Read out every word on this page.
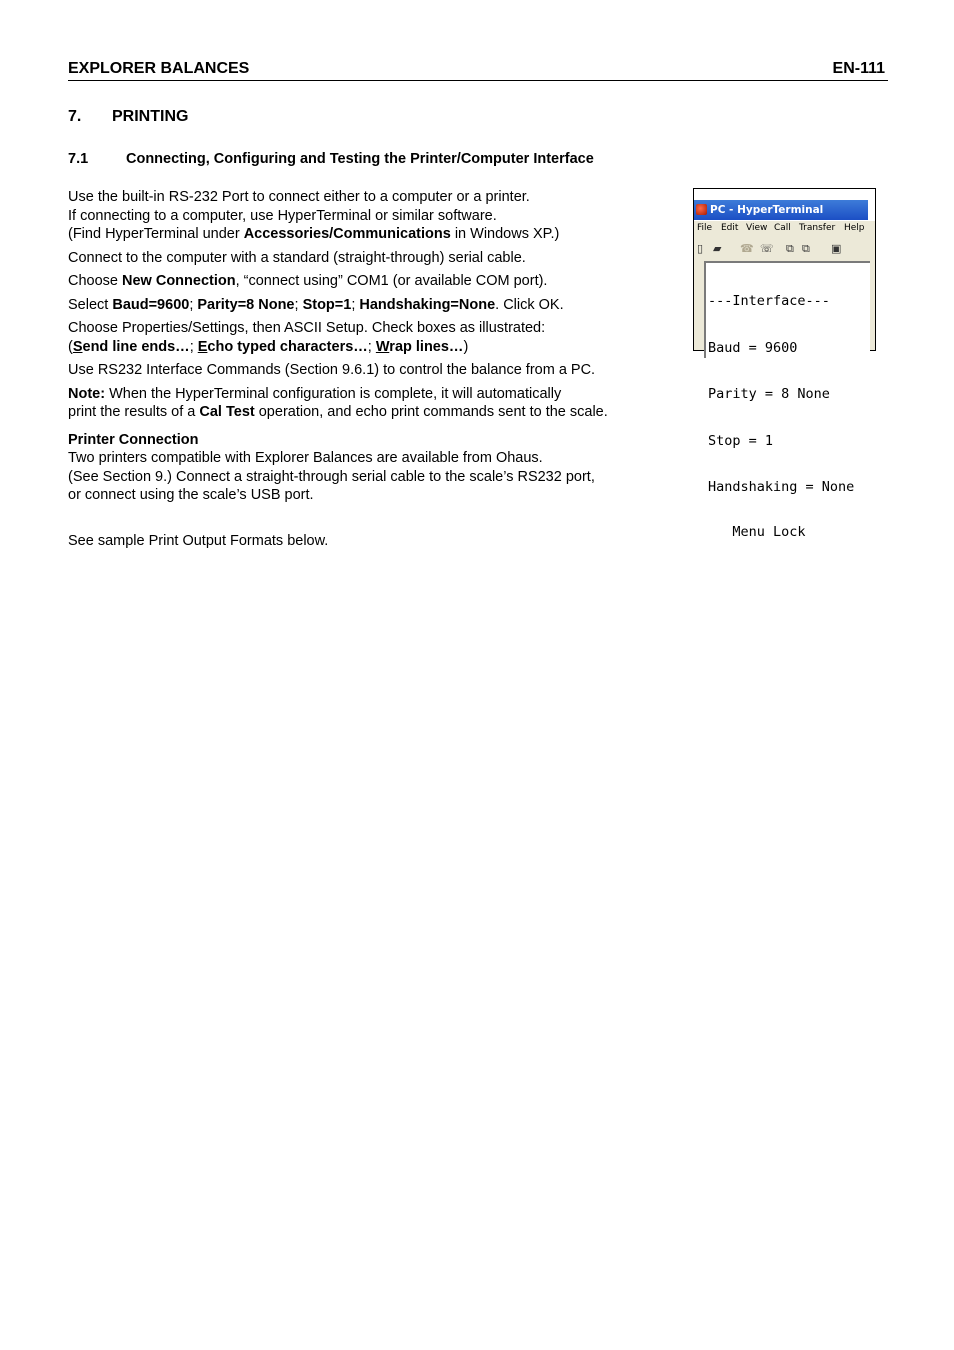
EXPLORER BALANCES	EN-111
7. PRINTING
7.1	Connecting, Configuring and Testing the Printer/Computer Interface

Use the built-in RS-232 Port to connect either to a computer or a printer.
If connecting to a computer, use HyperTerminal or similar software.
(Find HyperTerminal under Accessories/Communications in Windows XP.)

Connect to the computer with a standard (straight-through) serial cable.

Choose New Connection, “connect using” COM1 (or available COM port).

Select Baud=9600; Parity=8 None; Stop=1; Handshaking=None. Click OK.

Choose Properties/Settings, then ASCII Setup. Check boxes as illustrated:
(Send line ends…; Echo typed characters…; Wrap lines…)

Use RS232 Interface Commands (Section 9.6.1) to control the balance from a PC.

Note: When the HyperTerminal configuration is complete, it will automatically
print the results of a Cal Test operation, and echo print commands sent to the scale.

Printer Connection
Two printers compatible with Explorer Balances are available from Ohaus.
(See Section 9.) Connect a straight-through serial cable to the scale’s RS232 port,
or connect using the scale’s USB port.

See sample Print Output Formats below.

PC - HyperTerminal
File Edit View Call Transfer Help
▯ ▰ ☎ ☏ ⧉ ⧉ ▣

---Interface---

Baud = 9600

Parity = 8 None

Stop = 1

Handshaking = None

Menu Lock
